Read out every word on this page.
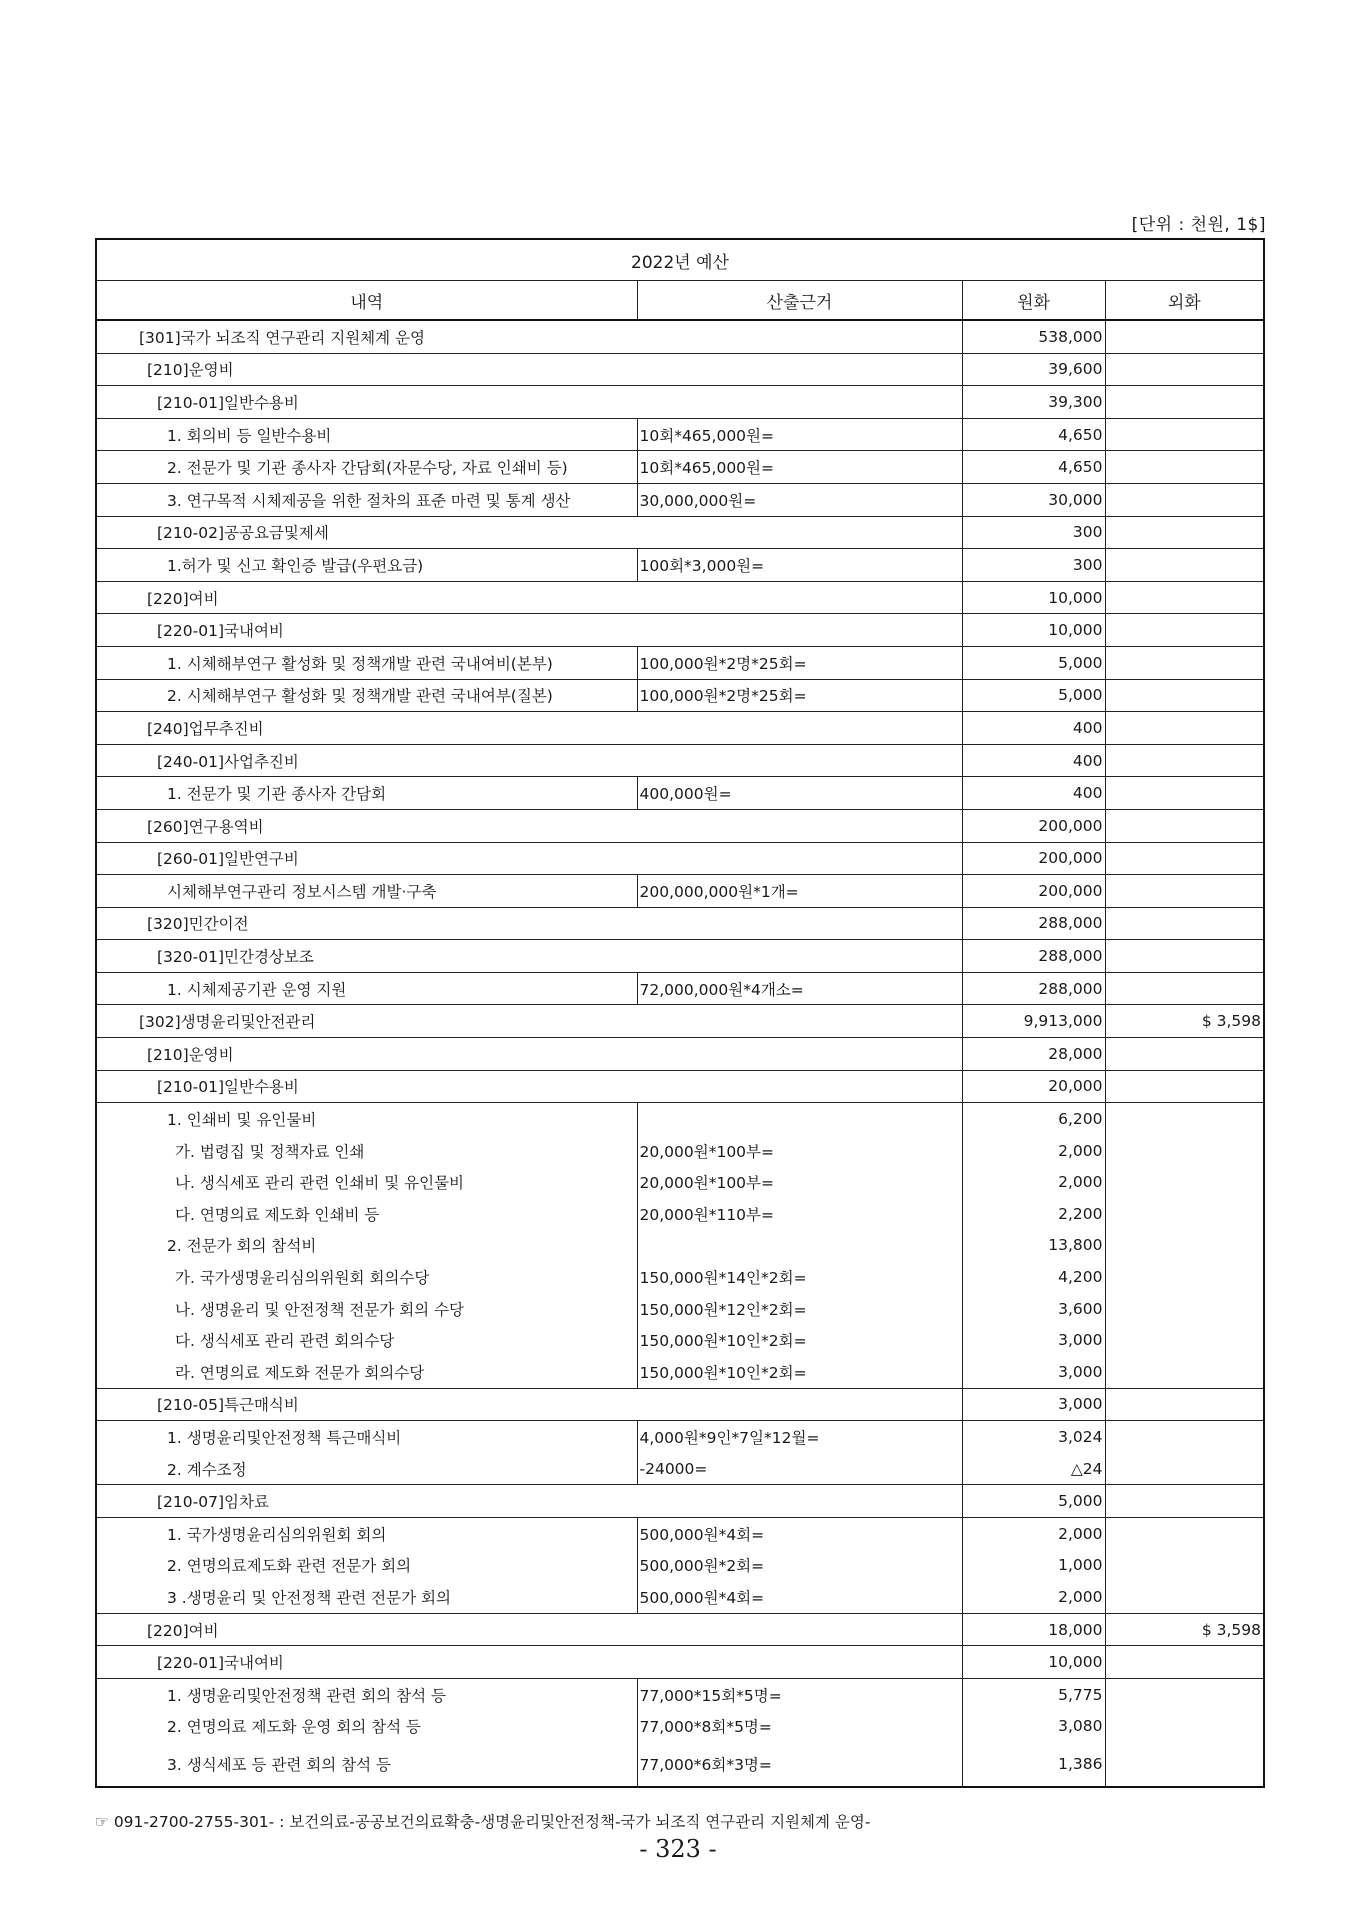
[단위 : 천원, 1$]
2022년 예산			
내역	산출근거	원화	외화
[301]국가 뇌조직 연구관리 지원체계 운영		538,000	
[210]운영비		39,600	
[210-01]일반수용비		39,300	
1. 회의비 등 일반수용비	10회*465,000원=	4,650	
2. 전문가 및 기관 종사자 간담회(자문수당, 자료 인쇄비 등)	10회*465,000원=	4,650	
3. 연구목적 시체제공을 위한 절차의 표준 마련 및 통계 생산	30,000,000원=	30,000	
[210-02]공공요금및제세		300	
1.허가 및 신고 확인증 발급(우편요금)	100회*3,000원=	300	
[220]여비		10,000	
[220-01]국내여비		10,000	
1. 시체해부연구 활성화 및 정책개발 관련 국내여비(본부)	100,000원*2명*25회=	5,000	
2. 시체해부연구 활성화 및 정책개발 관련 국내여부(질본)	100,000원*2명*25회=	5,000	
[240]업무추진비		400	
[240-01]사업추진비		400	
1. 전문가 및 기관 종사자 간담회	400,000원=	400	
[260]연구용역비		200,000	
[260-01]일반연구비		200,000	
시체해부연구관리 정보시스템 개발·구축	200,000,000원*1개=	200,000	
[320]민간이전		288,000	
[320-01]민간경상보조		288,000	
1. 시체제공기관 운영 지원	72,000,000원*4개소=	288,000	
[302]생명윤리및안전관리		9,913,000	$ 3,598
[210]운영비		28,000	
[210-01]일반수용비		20,000	
1. 인쇄비 및 유인물비		6,200	
가. 법령집 및 정책자료 인쇄	20,000원*100부=	2,000	
나. 생식세포 관리 관련 인쇄비 및 유인물비	20,000원*100부=	2,000	
다. 연명의료 제도화 인쇄비 등	20,000원*110부=	2,200	
2. 전문가 회의 참석비		13,800	
가. 국가생명윤리심의위원회 회의수당	150,000원*14인*2회=	4,200	
나. 생명윤리 및 안전정책 전문가 회의 수당	150,000원*12인*2회=	3,600	
다. 생식세포 관리 관련 회의수당	150,000원*10인*2회=	3,000	
라. 연명의료 제도화 전문가 회의수당	150,000원*10인*2회=	3,000	
[210-05]특근매식비		3,000	
1. 생명윤리및안전정책 특근매식비	4,000원*9인*7일*12월=	3,024	
2. 계수조정	-24000=	△24	
[210-07]임차료		5,000	
1. 국가생명윤리심의위원회 회의	500,000원*4회=	2,000	
2. 연명의료제도화 관련 전문가 회의	500,000원*2회=	1,000	
3 .생명윤리 및 안전정책 관련 전문가 회의	500,000원*4회=	2,000	
[220]여비		18,000	$ 3,598
[220-01]국내여비		10,000	
1. 생명윤리및안전정책 관련 회의 참석 등	77,000*15회*5명=	5,775	
2. 연명의료 제도화 운영 회의 참석 등	77,000*8회*5명=	3,080	
3. 생식세포 등 관련 회의 참석 등	77,000*6회*3명=	1,386	
☞ 091-2700-2755-301- : 보건의료-공공보건의료확충-생명윤리및안전정책-국가 뇌조직 연구관리 지원체계 운영-
- 323 -
